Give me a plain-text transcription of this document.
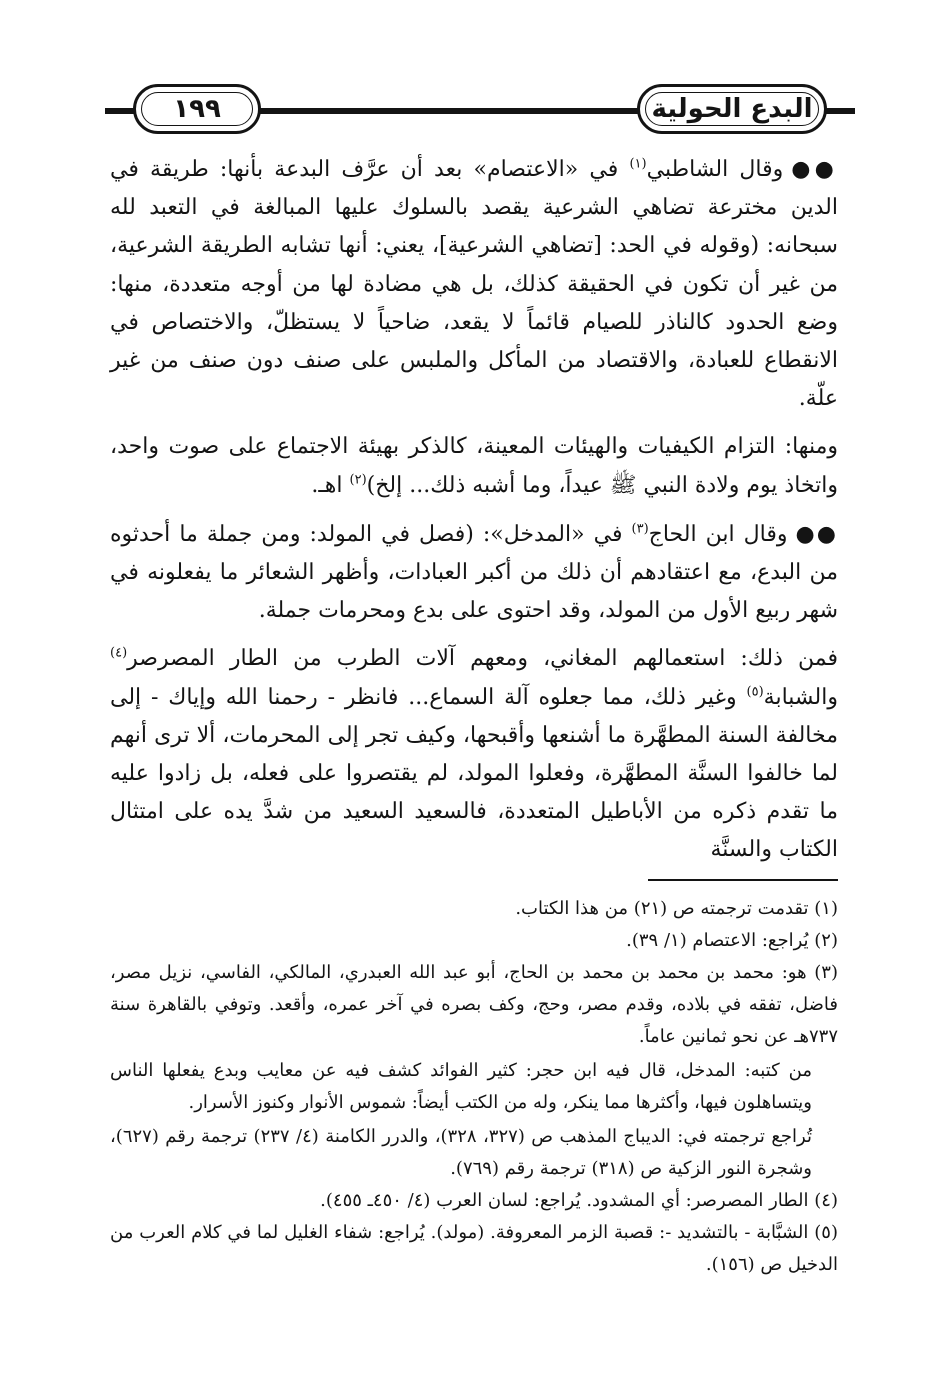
البدع الحولية
١٩٩

●●وقال الشاطبي$^{(١)}$ في «الاعتصام» بعد أن عرَّف البدعة بأنها: طريقة في الدين مخترعة تضاهي الشرعية يقصد بالسلوك عليها المبالغة في التعبد لله سبحانه: (وقوله في الحد: [تضاهي الشرعية]، يعني: أنها تشابه الطريقة الشرعية، من غير أن تكون في الحقيقة كذلك، بل هي مضادة لها من أوجه متعددة، منها: وضع الحدود كالناذر للصيام قائماً لا يقعد، ضاحياً لا يستظلّ، والاختصاص في الانقطاع للعبادة، والاقتصاد من المأكل والملبس على صنف دون صنف من غير علّة.

ومنها: التزام الكيفيات والهيئات المعينة، كالذكر بهيئة الاجتماع على صوت واحد، واتخاذ يوم ولادة النبي ﷺ عيداً، وما أشبه ذلك... إلخ)$^{(٢)}$ اهـ.

●●وقال ابن الحاج$^{(٣)}$ في «المدخل»: (فصل في المولد: ومن جملة ما أحدثوه من البدع، مع اعتقادهم أن ذلك من أكبر العبادات، وأظهر الشعائر ما يفعلونه في شهر ربيع الأول من المولد، وقد احتوى على بدع ومحرمات جملة.

فمن ذلك: استعمالهم المغاني، ومعهم آلات الطرب من الطار المصرصر$^{(٤)}$ والشبابة$^{(٥)}$ وغير ذلك، مما جعلوه آلة السماع... فانظر - رحمنا الله وإياك - إلى مخالفة السنة المطهَّرة ما أشنعها وأقبحها، وكيف تجر إلى المحرمات، ألا ترى أنهم لما خالفوا السنَّة المطهَّرة، وفعلوا المولد، لم يقتصروا على فعله، بل زادوا عليه ما تقدم ذكره من الأباطيل المتعددة، فالسعيد السعيد من شدَّ يده على امتثال الكتاب والسنَّة

(١) تقدمت ترجمته ص (٢١) من هذا الكتاب.

(٢) يُراجع: الاعتصام (١/ ٣٩).

(٣) هو: محمد بن محمد بن محمد بن الحاج، أبو عبد الله العبدري، المالكي، الفاسي، نزيل مصر، فاضل، تفقه في بلاده، وقدم مصر، وحج، وكف بصره في آخر عمره، وأقعد. وتوفي بالقاهرة سنة ٧٣٧هـ عن نحو ثمانين عاماً.

من كتبه: المدخل، قال فيه ابن حجر: كثير الفوائد كشف فيه عن معايب وبدع يفعلها الناس ويتساهلون فيها، وأكثرها مما ينكر، وله من الكتب أيضاً: شموس الأنوار وكنوز الأسرار.

تُراجع ترجمته في: الديباج المذهب ص (٣٢٧، ٣٢٨)، والدرر الكامنة (٤/ ٢٣٧) ترجمة رقم (٦٢٧)، وشجرة النور الزكية ص (٣١٨) ترجمة رقم (٧٦٩).

(٤) الطار المصرصر: أي المشدود. يُراجع: لسان العرب (٤/ ٤٥٠ـ ٤٥٥).

(٥) الشبَّابة - بالتشديد -: قصبة الزمر المعروفة. (مولد). يُراجع: شفاء الغليل لما في كلام العرب من الدخيل ص (١٥٦).
